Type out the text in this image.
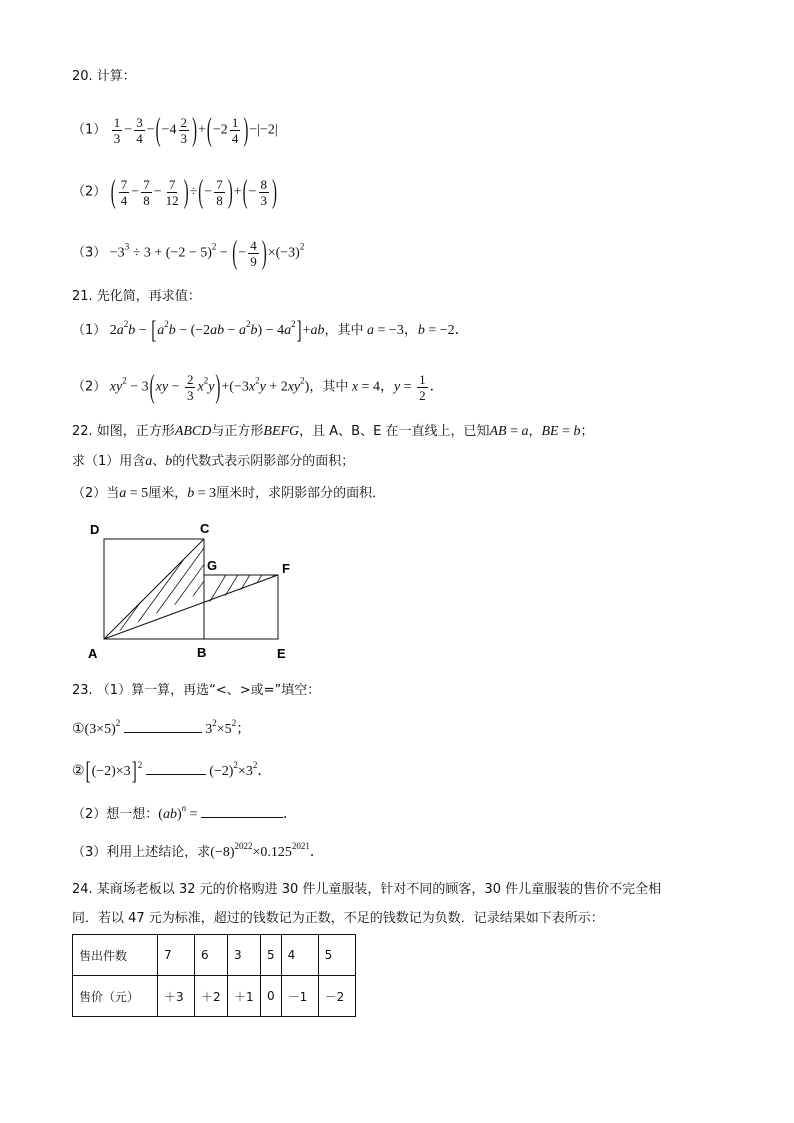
20. 计算：
$(1) \frac{1}{3} - \frac{3}{4} -(-4 \frac{2}{3} )+(-2 \frac{1}{4} )-|-2|$
（2） ( $\frac{7}{4} - \frac{7}{8} - \frac{7}{12}$ )÷(− $\frac{7}{8}$ )+(− $\frac{8}{3}$ )
$(3) -3^3 \div 3 + (-2 - 5)^2$ − (− $\frac{4}{9} )\times(-3)^2$
21. 先化简，再求值：
（1） $2a^2b - [a^2b - (-2ab - a^2b) - 4a^2]+ab$，其中 a = −3，b = −2．
（2） $xy^2 - 3(xy - \frac{2}{3} x^2y)+(-3x^2y + 2xy^2)$，其中 x = 4，$y = \frac{1}{2}$ ．
22. 如图，正方形ABCD与正方形BEFG，且 A、B、E 在一直线上，已知AB = a，BE = b；
求（1）用含a、b的代数式表示阴影部分的面积；
（2）当a = 5厘米，b = 3厘米时，求阴影部分的面积．
D	C
G	F
A	B	E
23. （1）算一算，再选“<、>或=”填空：
$①(3\times 5)^2$	$3^2\times 5^2$；
$②[(-2)\times 3]^2$	$(-2)^2\times 3^2$．
（2）想一想：(ab)$^n$ =	．
（3）利用上述结论，求$(-8)^{2022}\times 0.125^{2021}$．
24. 某商场老板以 32 元的价格购进 30 件儿童服装，针对不同的顾客，30 件儿童服装的售价不完全相
同．若以 47 元为标准，超过的钱数记为正数，不足的钱数记为负数．记录结果如下表所示：
售出件数	7	6	3	5	4	5
售价（元）	＋3	＋2	＋1	0	－1	－2
